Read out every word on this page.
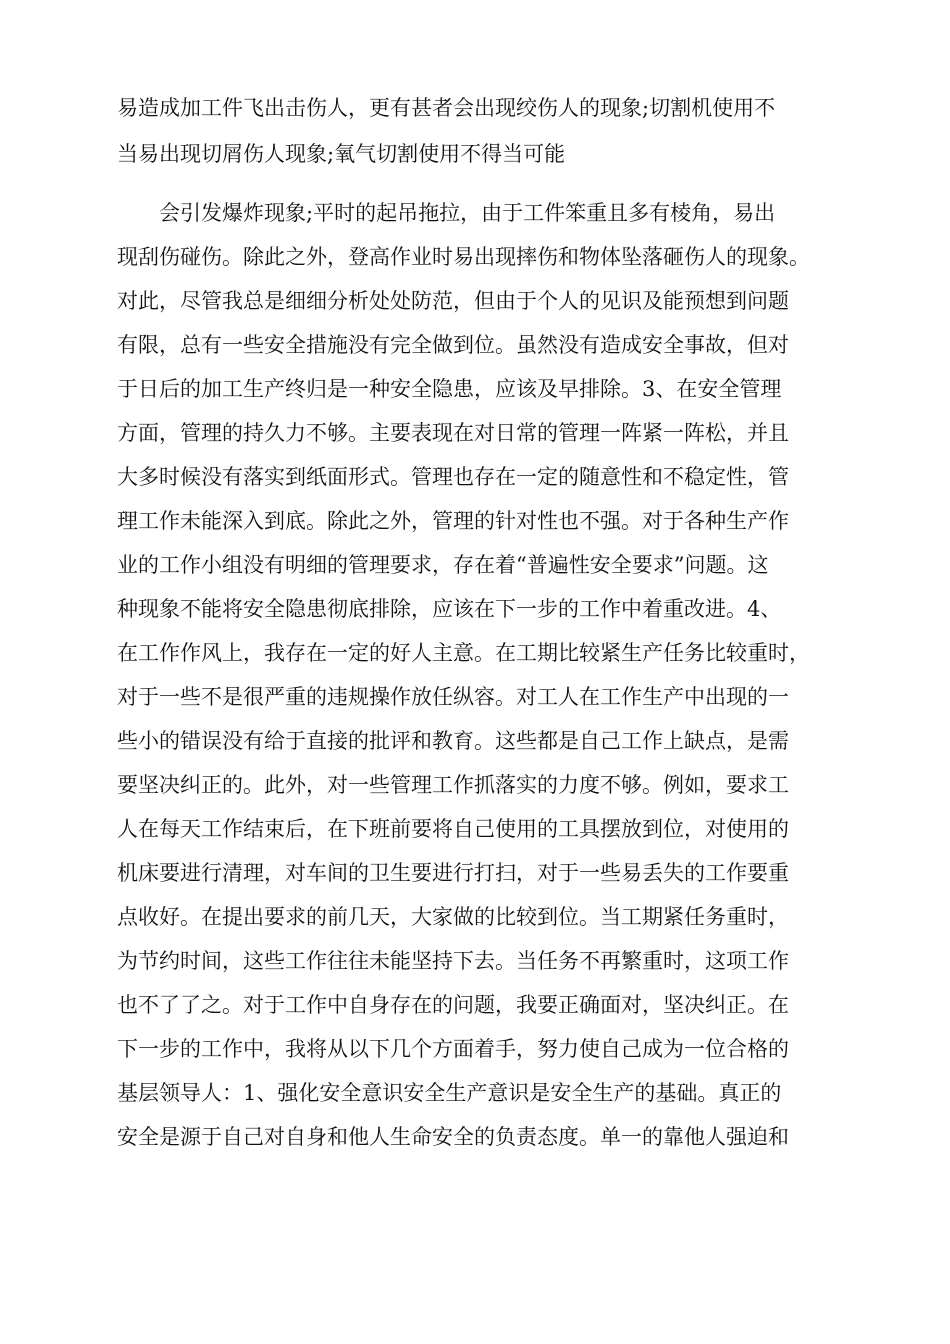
易造成加工件飞出击伤人，更有甚者会出现绞伤人的现象;切割机使用不

当易出现切屑伤人现象;氧气切割使用不得当可能

会引发爆炸现象;平时的起吊拖拉，由于工件笨重且多有棱角，易出

现刮伤碰伤。除此之外，登高作业时易出现摔伤和物体坠落砸伤人的现象。

对此，尽管我总是细细分析处处防范，但由于个人的见识及能预想到问题

有限，总有一些安全措施没有完全做到位。虽然没有造成安全事故，但对

于日后的加工生产终归是一种安全隐患，应该及早排除。3、在安全管理

方面，管理的持久力不够。主要表现在对日常的管理一阵紧一阵松，并且

大多时候没有落实到纸面形式。管理也存在一定的随意性和不稳定性，管

理工作未能深入到底。除此之外，管理的针对性也不强。对于各种生产作

业的工作小组没有明细的管理要求，存在着“普遍性安全要求”问题。这

种现象不能将安全隐患彻底排除，应该在下一步的工作中着重改进。4、

在工作作风上，我存在一定的好人主意。在工期比较紧生产任务比较重时，

对于一些不是很严重的违规操作放任纵容。对工人在工作生产中出现的一

些小的错误没有给于直接的批评和教育。这些都是自己工作上缺点，是需

要坚决纠正的。此外，对一些管理工作抓落实的力度不够。例如，要求工

人在每天工作结束后，在下班前要将自己使用的工具摆放到位，对使用的

机床要进行清理，对车间的卫生要进行打扫，对于一些易丢失的工作要重

点收好。在提出要求的前几天，大家做的比较到位。当工期紧任务重时，

为节约时间，这些工作往往未能坚持下去。当任务不再繁重时，这项工作

也不了了之。对于工作中自身存在的问题，我要正确面对，坚决纠正。在

下一步的工作中，我将从以下几个方面着手，努力使自己成为一位合格的

基层领导人：1、强化安全意识安全生产意识是安全生产的基础。真正的

安全是源于自己对自身和他人生命安全的负责态度。单一的靠他人强迫和
